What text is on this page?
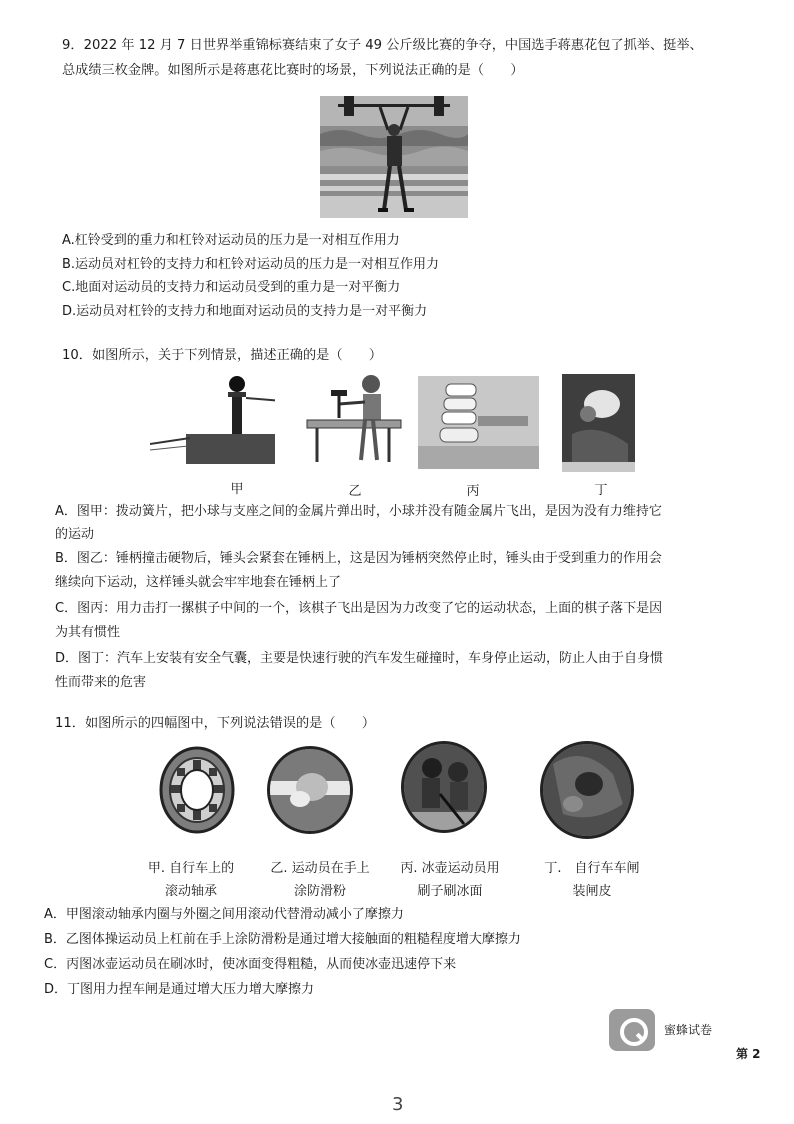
9．2022 年 12 月 7 日世界举重锦标赛结束了女子 49 公斤级比赛的争夺，中国选手蒋惠花包了抓举、挺举、
总成绩三枚金牌。如图所示是蒋惠花比赛时的场景，下列说法正确的是（　　）
A.杠铃受到的重力和杠铃对运动员的压力是一对相互作用力
B.运动员对杠铃的支持力和杠铃对运动员的压力是一对相互作用力
C.地面对运动员的支持力和运动员受到的重力是一对平衡力
D.运动员对杠铃的支持力和地面对运动员的支持力是一对平衡力
10．如图所示，关于下列情景，描述正确的是（　　）
甲	乙	丙	丁
A．图甲：拨动簧片，把小球与支座之间的金属片弹出时，小球并没有随金属片飞出，是因为没有力维持它
的运动
B．图乙：锤柄撞击硬物后，锤头会紧套在锤柄上，这是因为锤柄突然停止时，锤头由于受到重力的作用会
继续向下运动，这样锤头就会牢牢地套在锤柄上了
C．图丙：用力击打一摞棋子中间的一个，该棋子飞出是因为力改变了它的运动状态，上面的棋子落下是因
为其有惯性
D．图丁：汽车上安装有安全气囊，主要是快速行驶的汽车发生碰撞时，车身停止运动，防止人由于自身惯
性而带来的危害
11．如图所示的四幅图中，下列说法错误的是（　　）
甲. 自行车上的
滚动轴承
乙. 运动员在手上
涂防滑粉
丙. 冰壶运动员用
刷子刷冰面
丁.　自行车车闸
装闸皮
A．甲图滚动轴承内圈与外圈之间用滚动代替滑动减小了摩擦力
B．乙图体操运动员上杠前在手上涂防滑粉是通过增大接触面的粗糙程度增大摩擦力
C．丙图冰壶运动员在刷冰时，使冰面变得粗糙，从而使冰壶迅速停下来
D．丁图用力捏车闸是通过增大压力增大摩擦力
蜜蜂试卷
第 2
3
